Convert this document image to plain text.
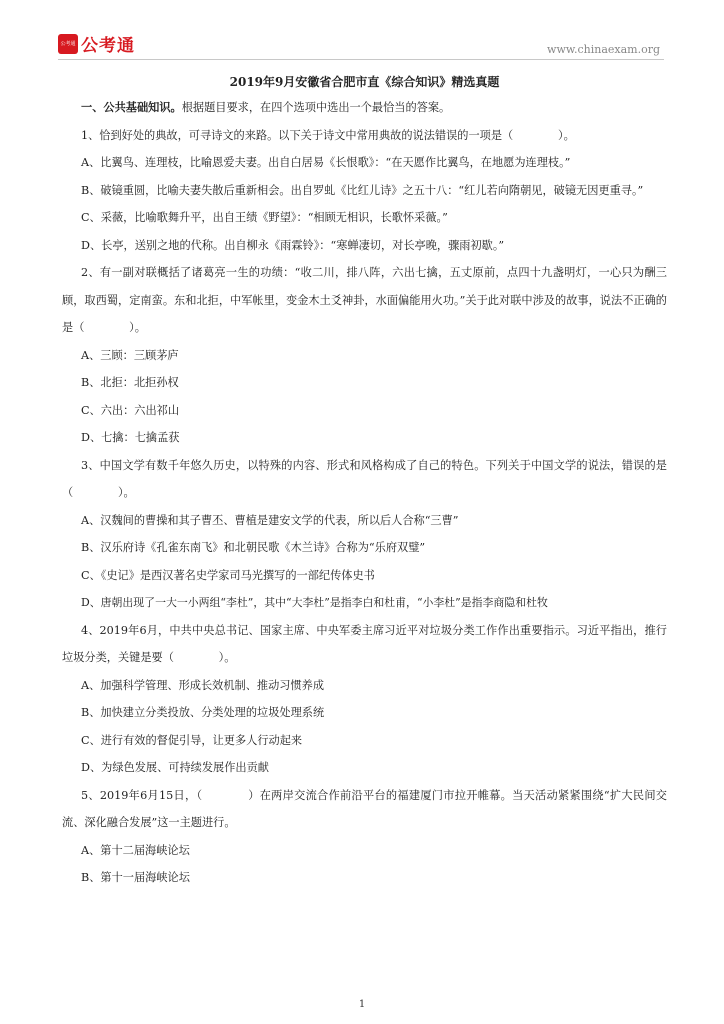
公考通 公考通	www.chinaexam.org

2019年9月安徽省合肥市直《综合知识》精选真题

一、公共基础知识。根据题目要求，在四个选项中选出一个最恰当的答案。

1、恰到好处的典故，可寻诗文的来路。以下关于诗文中常用典故的说法错误的一项是（　　　　）。

A、比翼鸟、连理枝，比喻恩爱夫妻。出自白居易《长恨歌》：“在天愿作比翼鸟，在地愿为连理枝。”

B、破镜重圆，比喻夫妻失散后重新相会。出自罗虬《比红儿诗》之五十八：“红儿若向隋朝见，破镜无因更重寻。”

C、采薇，比喻歌舞升平，出自王绩《野望》：“相顾无相识，长歌怀采薇。”

D、长亭，送别之地的代称。出自柳永《雨霖铃》：“寒蝉凄切，对长亭晚，骤雨初歇。”

2、有一副对联概括了诸葛亮一生的功绩：“收二川，排八阵，六出七擒，五丈原前，点四十九盏明灯，一心只为酬三顾，取西蜀，定南蛮。东和北拒，中军帐里，变金木土爻神卦，水面偏能用火功。”关于此对联中涉及的故事，说法不正确的是（　　　　）。

A、三顾：三顾茅庐

B、北拒：北拒孙权

C、六出：六出祁山

D、七擒：七擒孟获

3、中国文学有数千年悠久历史，以特殊的内容、形式和风格构成了自己的特色。下列关于中国文学的说法，错误的是（　　　　）。

A、汉魏间的曹操和其子曹丕、曹植是建安文学的代表，所以后人合称“三曹”

B、汉乐府诗《孔雀东南飞》和北朝民歌《木兰诗》合称为“乐府双璧”

C、《史记》是西汉著名史学家司马光撰写的一部纪传体史书

D、唐朝出现了一大一小两组“李杜”，其中“大李杜”是指李白和杜甫，“小李杜”是指李商隐和杜牧

4、2019年6月，中共中央总书记、国家主席、中央军委主席习近平对垃圾分类工作作出重要指示。习近平指出，推行垃圾分类，关键是要（　　　　）。

A、加强科学管理、形成长效机制、推动习惯养成

B、加快建立分类投放、分类处理的垃圾处理系统

C、进行有效的督促引导，让更多人行动起来

D、为绿色发展、可持续发展作出贡献

5、2019年6月15日，（　　　　）在两岸交流合作前沿平台的福建厦门市拉开帷幕。当天活动紧紧围绕“扩大民间交流、深化融合发展”这一主题进行。

A、第十二届海峡论坛

B、第十一届海峡论坛

1
